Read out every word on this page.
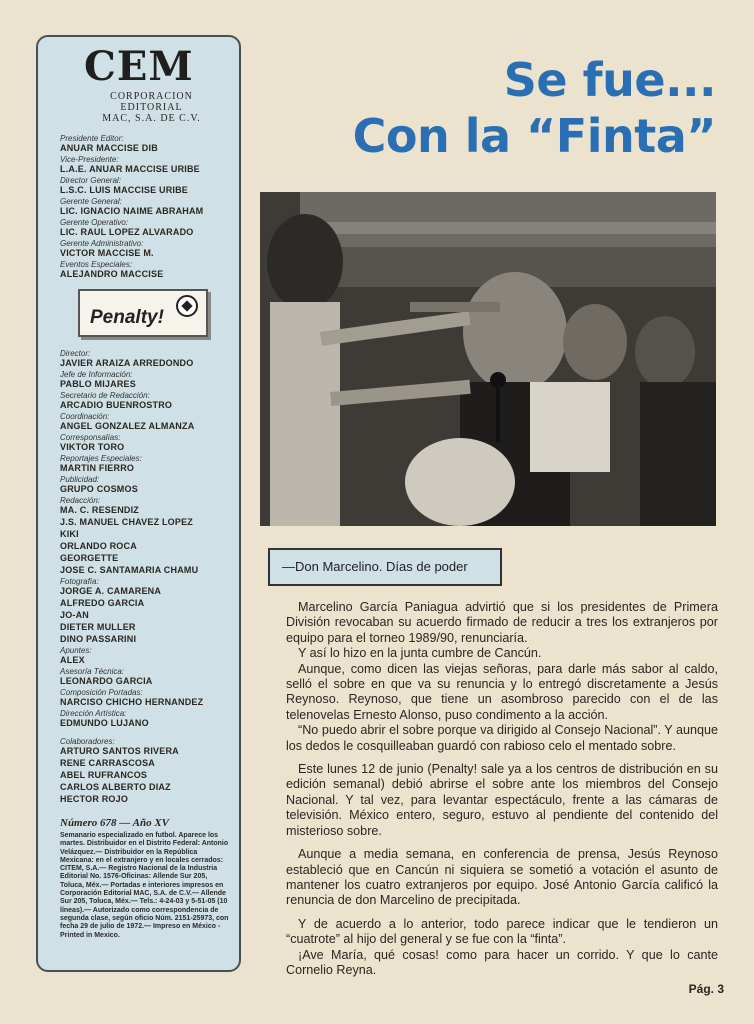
CEM
CORPORACION
EDITORIAL
MAC, S.A. DE C.V.
Presidente Editor:
ANUAR MACCISE DIB
Vice-Presidente:
L.A.E. ANUAR MACCISE URIBE
Director General:
L.S.C. LUIS MACCISE URIBE
Gerente General:
LIC. IGNACIO NAIME ABRAHAM
Gerente Operativo:
LIC. RAUL LOPEZ ALVARADO
Gerente Administrativo:
VICTOR MACCISE M.
Eventos Especiales:
ALEJANDRO MACCISE
Penalty!
Director:
JAVIER ARAIZA ARREDONDO
Jefe de Información:
PABLO MIJARES
Secretario de Redacción:
ARCADIO BUENROSTRO
Coordinación:
ANGEL GONZALEZ ALMANZA
Corresponsalías:
VIKTOR TORO
Reportajes Especiales:
MARTIN FIERRO
Publicidad:
GRUPO COSMOS
Redacción:
MA. C. RESENDIZ
J.S. MANUEL CHAVEZ LOPEZ
KIKI
ORLANDO ROCA
GEORGETTE
JOSE C. SANTAMARIA CHAMU
Fotografía:
JORGE A. CAMARENA
ALFREDO GARCIA
JO-AN
DIETER MULLER
DINO PASSARINI
Apuntes:
ALEX
Asesoría Técnica:
LEONARDO GARCIA
Composición Portadas:
NARCISO CHICHO HERNANDEZ
Dirección Artística:
EDMUNDO LUJANO
Colaboradores:
ARTURO SANTOS RIVERA
RENE CARRASCOSA
ABEL RUFRANCOS
CARLOS ALBERTO DIAZ
HECTOR ROJO
Número 678 — Año XV
Semanario especializado en futbol. Aparece los martes. Distribuidor en el Distrito Federal: Antonio Velázquez.— Distribuidor en la República Mexicana: en el extranjero y en locales cerrados: CITEM, S.A.— Registro Nacional de la Industria Editorial No. 1576-Oficinas: Allende Sur 205, Toluca, Méx.— Portadas e interiores impresos en Corporación Editorial MAC, S.A. de C.V.— Allende Sur 205, Toluca, Méx.— Tels.: 4-24-03 y 5-51-05 (10 líneas).— Autorizado como correspondencia de segunda clase, según oficio Núm. 2151-25973, con fecha 29 de julio de 1972.— Impreso en México - Printed in Mexico.
Se fue...
Con la “Finta”
—Don Marcelino. Días de poder

Marcelino García Paniagua advirtió que si los presidentes de Primera División revocaban su acuerdo firmado de reducir a tres los extranjeros por equipo para el torneo 1989/90, renunciaría.

Y así lo hizo en la junta cumbre de Cancún.

Aunque, como dicen las viejas señoras, para darle más sabor al caldo, selló el sobre en que va su renuncia y lo entregó discretamente a Jesús Reynoso. Reynoso, que tiene un asombroso parecido con el de las telenovelas Ernesto Alonso, puso condimento a la acción.

“No puedo abrir el sobre porque va dirigido al Consejo Nacional”. Y aunque los dedos le cosquilleaban guardó con rabioso celo el mentado sobre.

Este lunes 12 de junio (Penalty! sale ya a los centros de distribución en su edición semanal) debió abrirse el sobre ante los miembros del Consejo Nacional. Y tal vez, para levantar espectáculo, frente a las cámaras de televisión. México entero, seguro, estuvo al pendiente del contenido del misterioso sobre.

Aunque a media semana, en conferencia de prensa, Jesús Reynoso estableció que en Cancún ni siquiera se sometió a votación el asunto de mantener los cuatro extranjeros por equipo. José Antonio García calificó la renuncia de don Marcelino de precipitada.

Y de acuerdo a lo anterior, todo parece indicar que le tendieron un “cuatrote” al hijo del general y se fue con la “finta”.

¡Ave María, qué cosas! como para hacer un corrido. Y que lo cante Cornelio Reyna.

Pág. 3
